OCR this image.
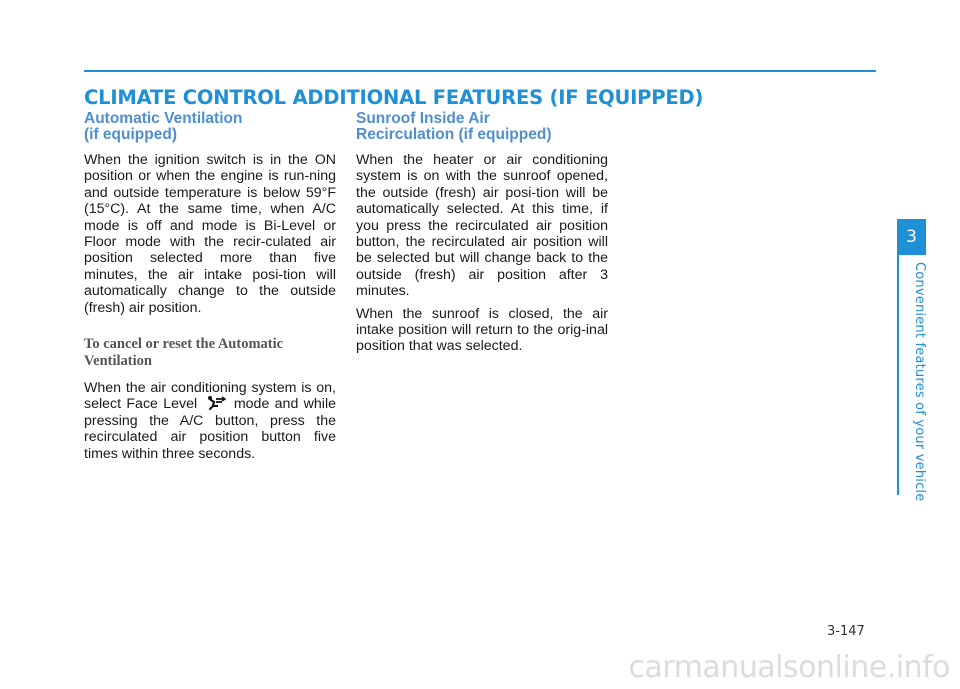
CLIMATE CONTROL ADDITIONAL FEATURES (IF EQUIPPED)
Automatic Ventilation
(if equipped)

When the ignition switch is in the ON position or when the engine is run-ning and outside temperature is below 59°F (15°C). At the same time, when A/C mode is off and mode is Bi-Level or Floor mode with the recir-culated air position selected more than five minutes, the air intake posi-tion will automatically change to the outside (fresh) air position.

To cancel or reset the Automatic
Ventilation

When the air conditioning system is on, select Face Level	mode and while pressing the A/C button, press the recirculated air position button five times within three seconds.

Sunroof Inside Air
Recirculation (if equipped)

When the heater or air conditioning system is on with the sunroof opened, the outside (fresh) air posi-tion will be automatically selected. At this time, if you press the recirculated air position button, the recirculated air position will be selected but will change back to the outside (fresh) air position after 3 minutes.

When the sunroof is closed, the air intake position will return to the orig-inal position that was selected.

3
Convenient features of your vehicle
3-147
carmanualsonline.info
